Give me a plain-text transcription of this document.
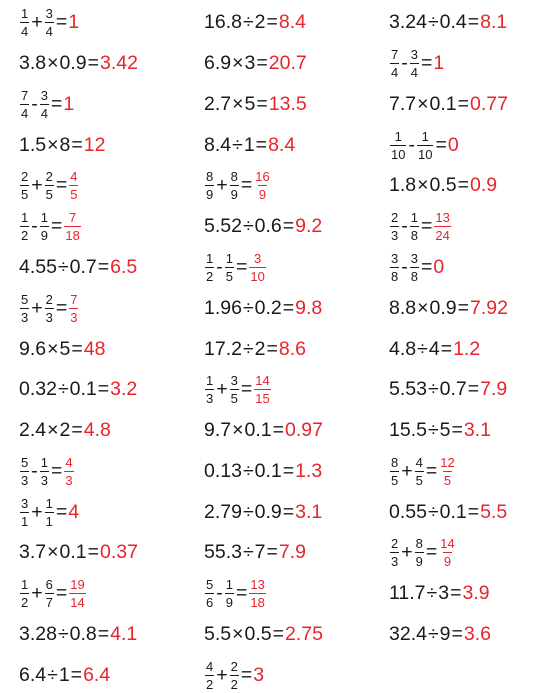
$\frac{1}{4} + \frac{3}{4} = 1$	16.8 ÷ 2 = 8.4	3.24 ÷ 0.4 = 8.1
3.8 × 0.9 = 3.42	6.9 × 3 = 20.7	$\frac{7}{4} - \frac{3}{4} = 1$
$\frac{7}{4} - \frac{3}{4} = 1$	2.7 × 5 = 13.5	7.7 × 0.1 = 0.77
1.5 × 8 = 12	8.4 ÷ 1 = 8.4	$\frac{1}{10} - \frac{1}{10} = 0$
$\frac{2}{5} + \frac{2}{5} = \frac{4}{5}$	$\frac{8}{9} + \frac{8}{9} = \frac{16}{9}$	1.8 × 0.5 = 0.9
$\frac{1}{2} - \frac{1}{9} = \frac{7}{18}$	5.52 ÷ 0.6 = 9.2	$\frac{2}{3} - \frac{1}{8} = \frac{13}{24}$
4.55 ÷ 0.7 = 6.5	$\frac{1}{2} - \frac{1}{5} = \frac{3}{10}$	$\frac{3}{8} - \frac{3}{8} = 0$
$\frac{5}{3} + \frac{2}{3} = \frac{7}{3}$	1.96 ÷ 0.2 = 9.8	8.8 × 0.9 = 7.92
9.6 × 5 = 48	17.2 ÷ 2 = 8.6	4.8 ÷ 4 = 1.2
0.32 ÷ 0.1 = 3.2	$\frac{1}{3} + \frac{3}{5} = \frac{14}{15}$	5.53 ÷ 0.7 = 7.9
2.4 × 2 = 4.8	9.7 × 0.1 = 0.97	15.5 ÷ 5 = 3.1
$\frac{5}{3} - \frac{1}{3} = \frac{4}{3}$	0.13 ÷ 0.1 = 1.3	$\frac{8}{5} + \frac{4}{5} = \frac{12}{5}$
$\frac{3}{1} + \frac{1}{1} = 4$	2.79 ÷ 0.9 = 3.1	0.55 ÷ 0.1 = 5.5
3.7 × 0.1 = 0.37	55.3 ÷ 7 = 7.9	$\frac{2}{3} + \frac{8}{9} = \frac{14}{9}$
$\frac{1}{2} + \frac{6}{7} = \frac{19}{14}$	$\frac{5}{6} - \frac{1}{9} = \frac{13}{18}$	11.7 ÷ 3 = 3.9
3.28 ÷ 0.8 = 4.1	5.5 × 0.5 = 2.75	32.4 ÷ 9 = 3.6
6.4 ÷ 1 = 6.4	$\frac{4}{2} + \frac{2}{2} = 3$
